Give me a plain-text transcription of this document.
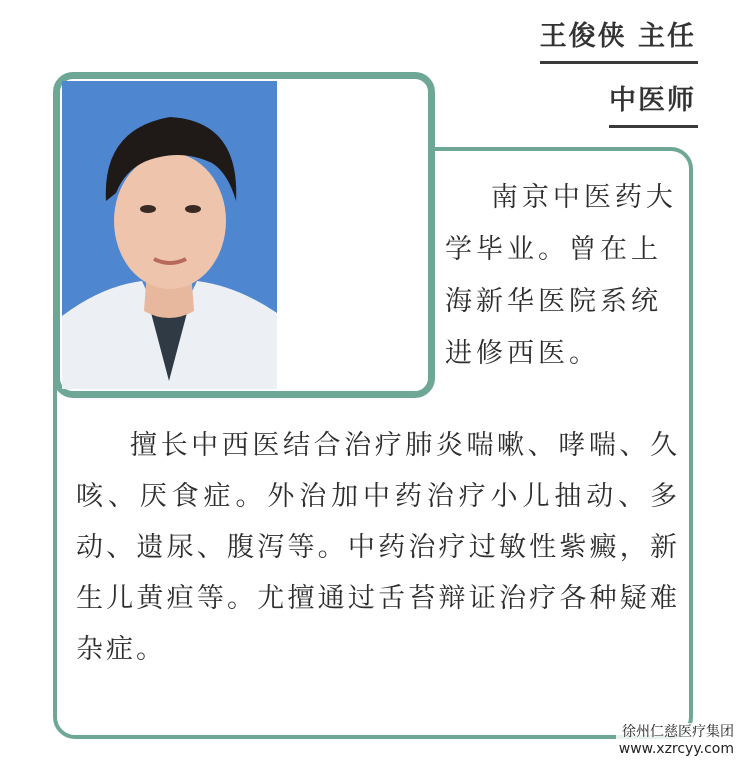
王俊侠 主任
中医师
南京中医药大学毕业。曾在上海新华医院系统进修西医。
擅长中西医结合治疗肺炎喘嗽、哮喘、久咳、厌食症。外治加中药治疗小儿抽动、多动、遗尿、腹泻等。中药治疗过敏性紫癜，新生儿黄疸等。尤擅通过舌苔辩证治疗各种疑难杂症。
徐州仁慈医疗集团
www.xzrcyy.com
